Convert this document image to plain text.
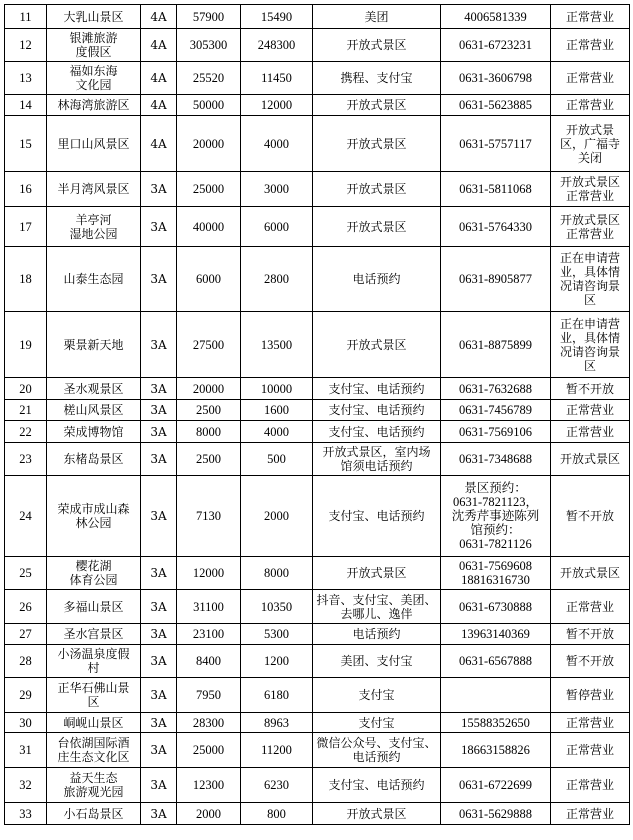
11	大乳山景区	4A	57900	15490	美团	4006581339	正常营业
12	银滩旅游
度假区	4A	305300	248300	开放式景区	0631-6723231	正常营业
13	福如东海
文化园	4A	25520	11450	携程、支付宝	0631-3606798	正常营业
14	林海湾旅游区	4A	50000	12000	开放式景区	0631-5623885	正常营业
15	里口山风景区	4A	20000	4000	开放式景区	0631-5757117	开放式景
区，广福寺
关闭
16	半月湾风景区	3A	25000	3000	开放式景区	0631-5811068	开放式景区
正常营业
17	羊亭河
湿地公园	3A	40000	6000	开放式景区	0631-5764330	开放式景区
正常营业
18	山泰生态园	3A	6000	2800	电话预约	0631-8905877	正在申请营
业，具体情
况请咨询景
区
19	栗景新天地	3A	27500	13500	开放式景区	0631-8875899	正在申请营
业，具体情
况请咨询景
区
20	圣水观景区	3A	20000	10000	支付宝、电话预约	0631-7632688	暂不开放
21	槎山风景区	3A	2500	1600	支付宝、电话预约	0631-7456789	正常营业
22	荣成博物馆	3A	8000	4000	支付宝、电话预约	0631-7569106	正常营业
23	东楮岛景区	3A	2500	500	开放式景区，室内场
馆须电话预约	0631-7348688	开放式景区
24	荣成市成山森
林公园	3A	7130	2000	支付宝、电话预约	景区预约：
0631-7821123，
沈秀芹事迹陈列
馆预约：
0631-7821126	暂不开放
25	樱花湖
体育公园	3A	12000	8000	开放式景区	0631-7569608
18816316730	开放式景区
26	多福山景区	3A	31100	10350	抖音、支付宝、美团、
去哪儿、逸伴	0631-6730888	正常营业
27	圣水宫景区	3A	23100	5300	电话预约	13963140369	暂不开放
28	小汤温泉度假
村	3A	8400	1200	美团、支付宝	0631-6567888	暂不开放
29	正华石佛山景
区	3A	7950	6180	支付宝		暂停营业
30	峒岘山景区	3A	28300	8963	支付宝	15588352650	正常营业
31	台依湖国际酒
庄生态文化区	3A	25000	11200	微信公众号、支付宝、
电话预约	18663158826	正常营业
32	益天生态
旅游观光园	3A	12300	6230	支付宝、电话预约	0631-6722699	正常营业
33	小石岛景区	3A	2000	800	开放式景区	0631-5629888	正常营业
